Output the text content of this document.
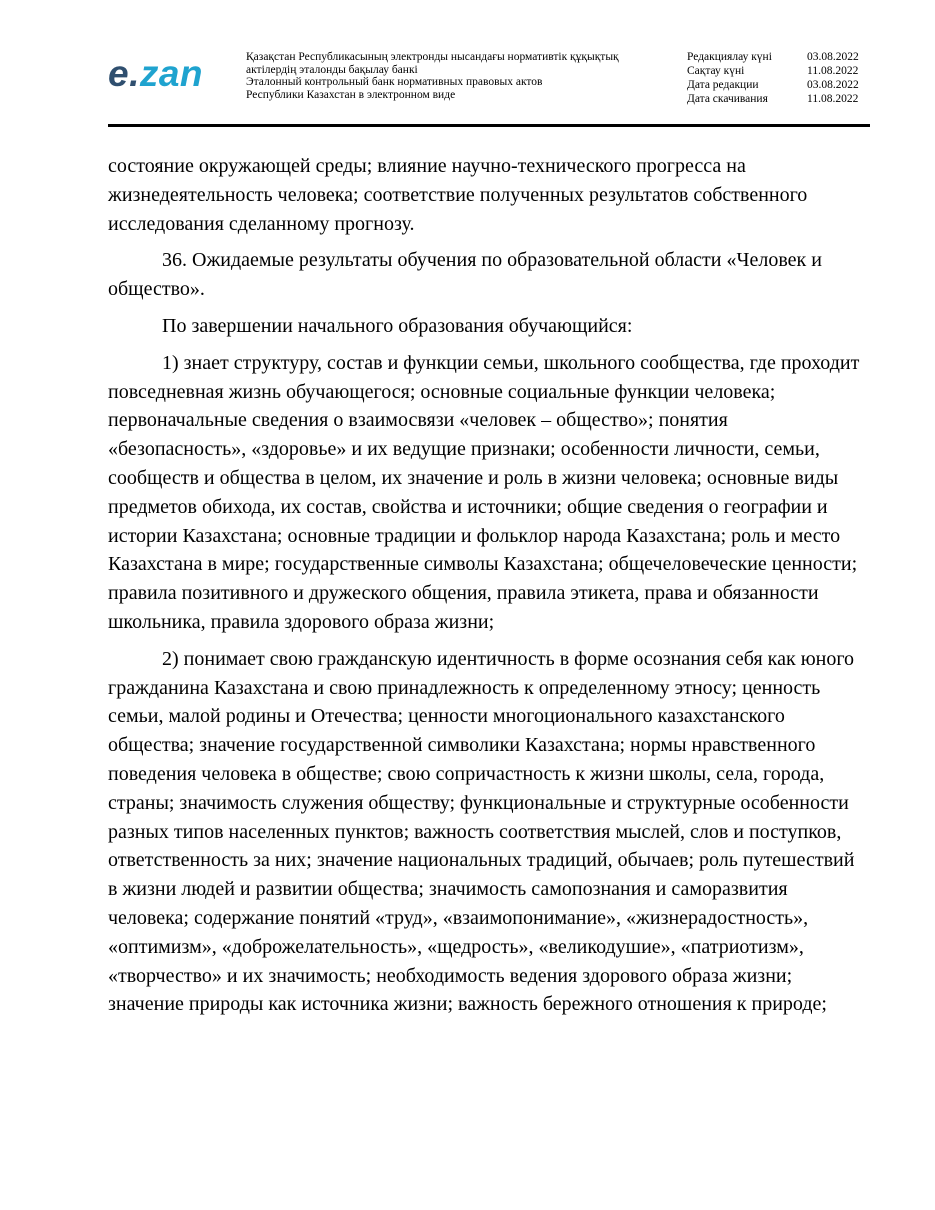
e.zan	Қазақстан Республикасының электронды нысандағы нормативтік құқықтық
актілердің эталонды бақылау банкі
Эталонный контрольный банк нормативных правовых актов
Республики Казахстан в электронном виде
Редакциялау күні	03.08.2022
Сақтау күні	11.08.2022
Дата редакции	03.08.2022
Дата скачивания	11.08.2022

состояние окружающей среды; влияние научно-технического прогресса на жизнедеятельность человека; соответствие полученных результатов собственного исследования сделанному прогнозу.

36. Ожидаемые результаты обучения по образовательной области «Человек и общество».

По завершении начального образования обучающийся:

1) знает структуру, состав и функции семьи, школьного сообщества, где проходит повседневная жизнь обучающегося; основные социальные функции человека; первоначальные сведения о взаимосвязи «человек – общество»; понятия «безопасность», «здоровье» и их ведущие признаки; особенности личности, семьи, сообществ и общества в целом, их значение и роль в жизни человека; основные виды предметов обихода, их состав, свойства и источники; общие сведения о географии и истории Казахстана; основные традиции и фольклор народа Казахстана; роль и место Казахстана в мире; государственные символы Казахстана; общечеловеческие ценности; правила позитивного и дружеского общения, правила этикета, права и обязанности школьника, правила здорового образа жизни;

2) понимает свою гражданскую идентичность в форме осознания себя как юного гражданина Казахстана и свою принадлежность к определенному этносу; ценность семьи, малой родины и Отечества; ценности многоционального казахстанского общества; значение государственной символики Казахстана; нормы нравственного поведения человека в обществе; свою сопричастность к жизни школы, села, города, страны; значимость служения обществу; функциональные и структурные особенности разных типов населенных пунктов; важность соответствия мыслей, слов и поступков, ответственность за них; значение национальных традиций, обычаев; роль путешествий в жизни людей и развитии общества; значимость самопознания и саморазвития человека; содержание понятий «труд», «взаимопонимание», «жизнерадостность», «оптимизм», «доброжелательность», «щедрость», «великодушие», «патриотизм», «творчество» и их значимость; необходимость ведения здорового образа жизни; значение природы как источника жизни; важность бережного отношения к природе;
